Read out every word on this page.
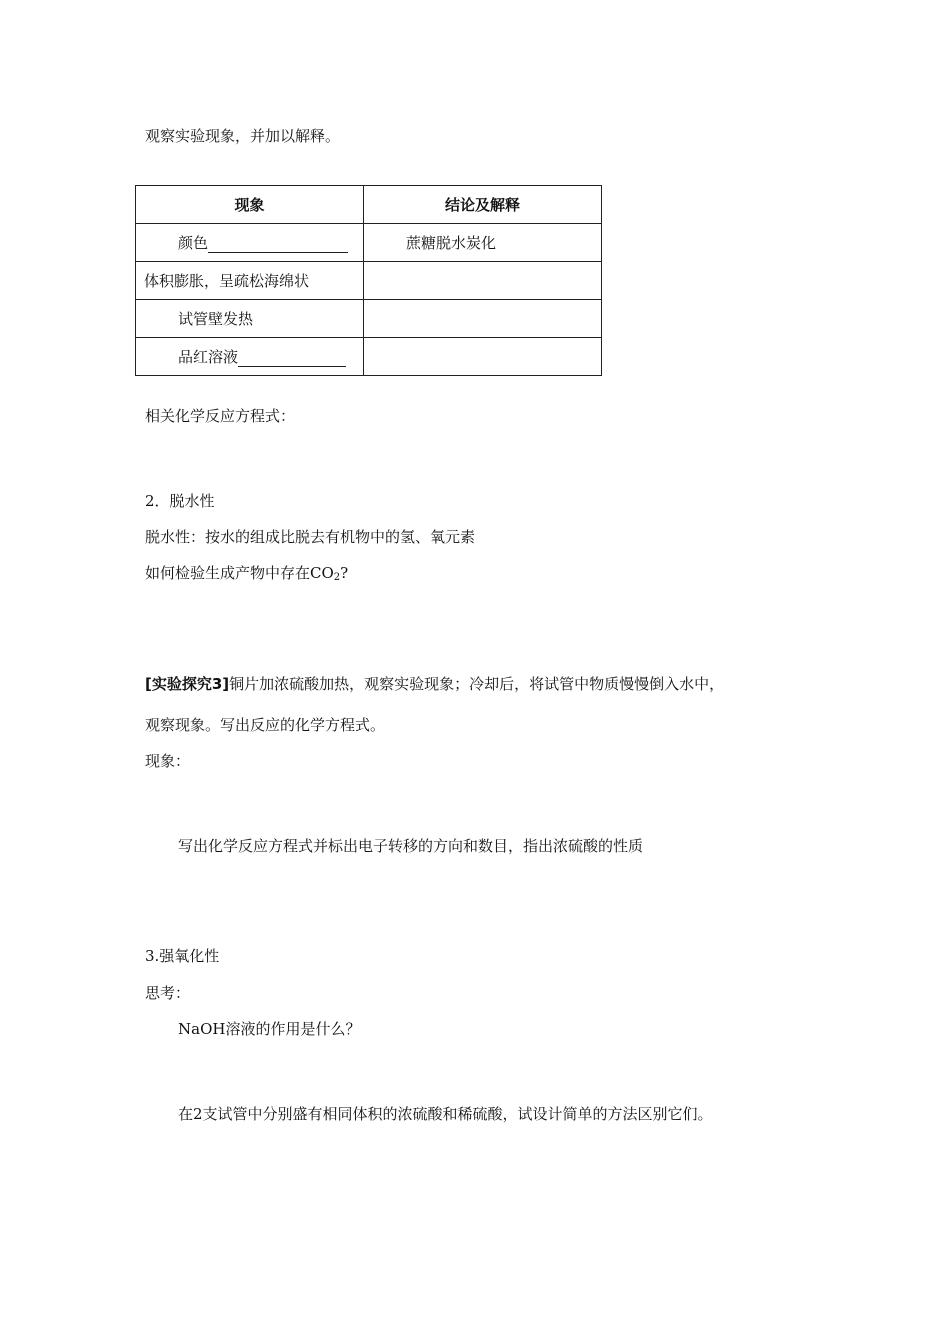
观察实验现象，并加以解释。
现象	结论及解释
颜色	蔗糖脱水炭化
体积膨胀，呈疏松海绵状	
试管壁发热	
品红溶液	
相关化学反应方程式：
2．脱水性
脱水性：按水的组成比脱去有机物中的氢、氧元素
如何检验生成产物中存在$CO_2$?
[实验探究3]铜片加浓硫酸加热，观察实验现象；冷却后，将试管中物质慢慢倒入水中，
观察现象。写出反应的化学方程式。
现象：
写出化学反应方程式并标出电子转移的方向和数目，指出浓硫酸的性质
3.强氧化性
思考：
NaOH溶液的作用是什么？
在2支试管中分别盛有相同体积的浓硫酸和稀硫酸，试设计简单的方法区别它们。
